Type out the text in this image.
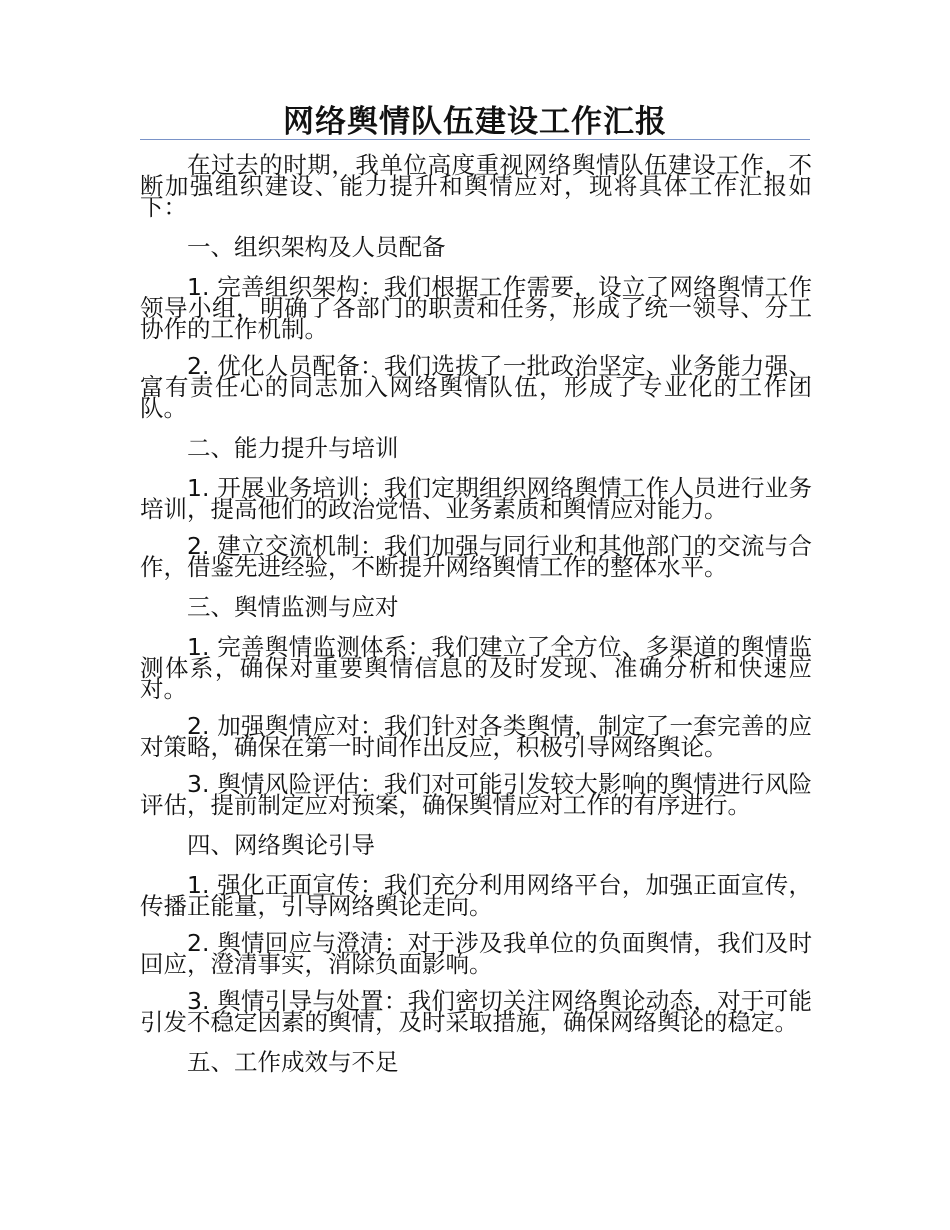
网络舆情队伍建设工作汇报

在过去的时期，我单位高度重视网络舆情队伍建设工作，不断加强组织建设、能力提升和舆情应对，现将具体工作汇报如下：

一、组织架构及人员配备

1. 完善组织架构：我们根据工作需要，设立了网络舆情工作领导小组，明确了各部门的职责和任务，形成了统一领导、分工协作的工作机制。

2. 优化人员配备：我们选拔了一批政治坚定、业务能力强、富有责任心的同志加入网络舆情队伍，形成了专业化的工作团队。

二、能力提升与培训

1. 开展业务培训：我们定期组织网络舆情工作人员进行业务培训，提高他们的政治觉悟、业务素质和舆情应对能力。

2. 建立交流机制：我们加强与同行业和其他部门的交流与合作，借鉴先进经验，不断提升网络舆情工作的整体水平。

三、舆情监测与应对

1. 完善舆情监测体系：我们建立了全方位、多渠道的舆情监测体系，确保对重要舆情信息的及时发现、准确分析和快速应对。

2. 加强舆情应对：我们针对各类舆情，制定了一套完善的应对策略，确保在第一时间作出反应，积极引导网络舆论。

3. 舆情风险评估：我们对可能引发较大影响的舆情进行风险评估，提前制定应对预案，确保舆情应对工作的有序进行。

四、网络舆论引导

1. 强化正面宣传：我们充分利用网络平台，加强正面宣传，传播正能量，引导网络舆论走向。

2. 舆情回应与澄清：对于涉及我单位的负面舆情，我们及时回应，澄清事实，消除负面影响。

3. 舆情引导与处置：我们密切关注网络舆论动态，对于可能引发不稳定因素的舆情，及时采取措施，确保网络舆论的稳定。

五、工作成效与不足
